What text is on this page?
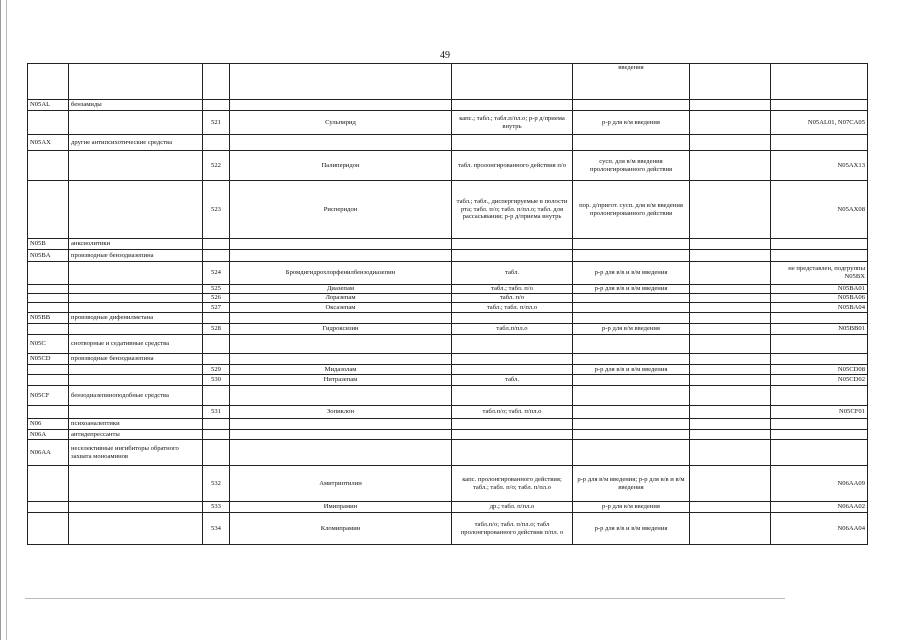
49
					введения		
N05AL	бензамиды						
		521	Сульпирид	капс.; табл.; табл.п/пл.о; р-р д/приема внутрь	р-р для в/м введения		N05AL01, N07CA05
N05AX	другие антипсихотические средства						
		522	Палиперидон	табл. пролонгированного действия п/о	сусп. для в/м введения пролонгированного действия		N05AX13
		523	Рисперидон	табл.; табл., диспергируемые в полости рта; табл. п/о; табл. п/пл.о; табл. для рассасывания; р-р д/приема внутрь	пор. д/пригот. сусп. для в/м введения пролонгированного действия		N05AX08
N05B	анксиолитики						
N05BA	производные бензодиазепина						
		524	Бромдигидрохлорфенилбензодиазепин	табл.	р-р для в/в и в/м введения		не представлен, подгруппы N05BX
		525	Диазепам	табл.; табл. п/о	р-р для в/в и в/м введения		N05BA01
		526	Лоразепам	табл. п/о			N05BA06
		527	Оксазепам	табл.; табл. п/пл.о			N05BA04
N05BB	производные дифенилметана						
		528	Гидроксизин	табл.п/пл.о	р-р для в/м введения		N05BB01
N05C	снотворные и седативные средства						
N05CD	производные бензодиазепина						
		529	Мидазолам		р-р для в/в и в/м введения		N05CD08
		530	Нитразепам	табл.			N05CD02
N05CF	бензодиазепиноподобные средства						
		531	Зопиклон	табл.п/о; табл. п/пл.о			N05CF01
N06	психоаналептики						
N06A	антидепрессанты						
N06AA	неселективные ингибиторы обратного захвата моноаминов						
		532	Амитриптилин	капс. пролонгированного действия; табл.; табл. п/о; табл. п/пл.о	р-р для в/м введения; р-р для в/в и в/м введения		N06AA09
		533	Имипрамин	др.; табл. п/пл.о	р-р для в/м введения		N06AA02
		534	Кломипрамин	табл.п/о; табл. п/пл.о; табл пролонгированного действия п/пл. о	р-р для в/в и в/м введения		N06AA04
